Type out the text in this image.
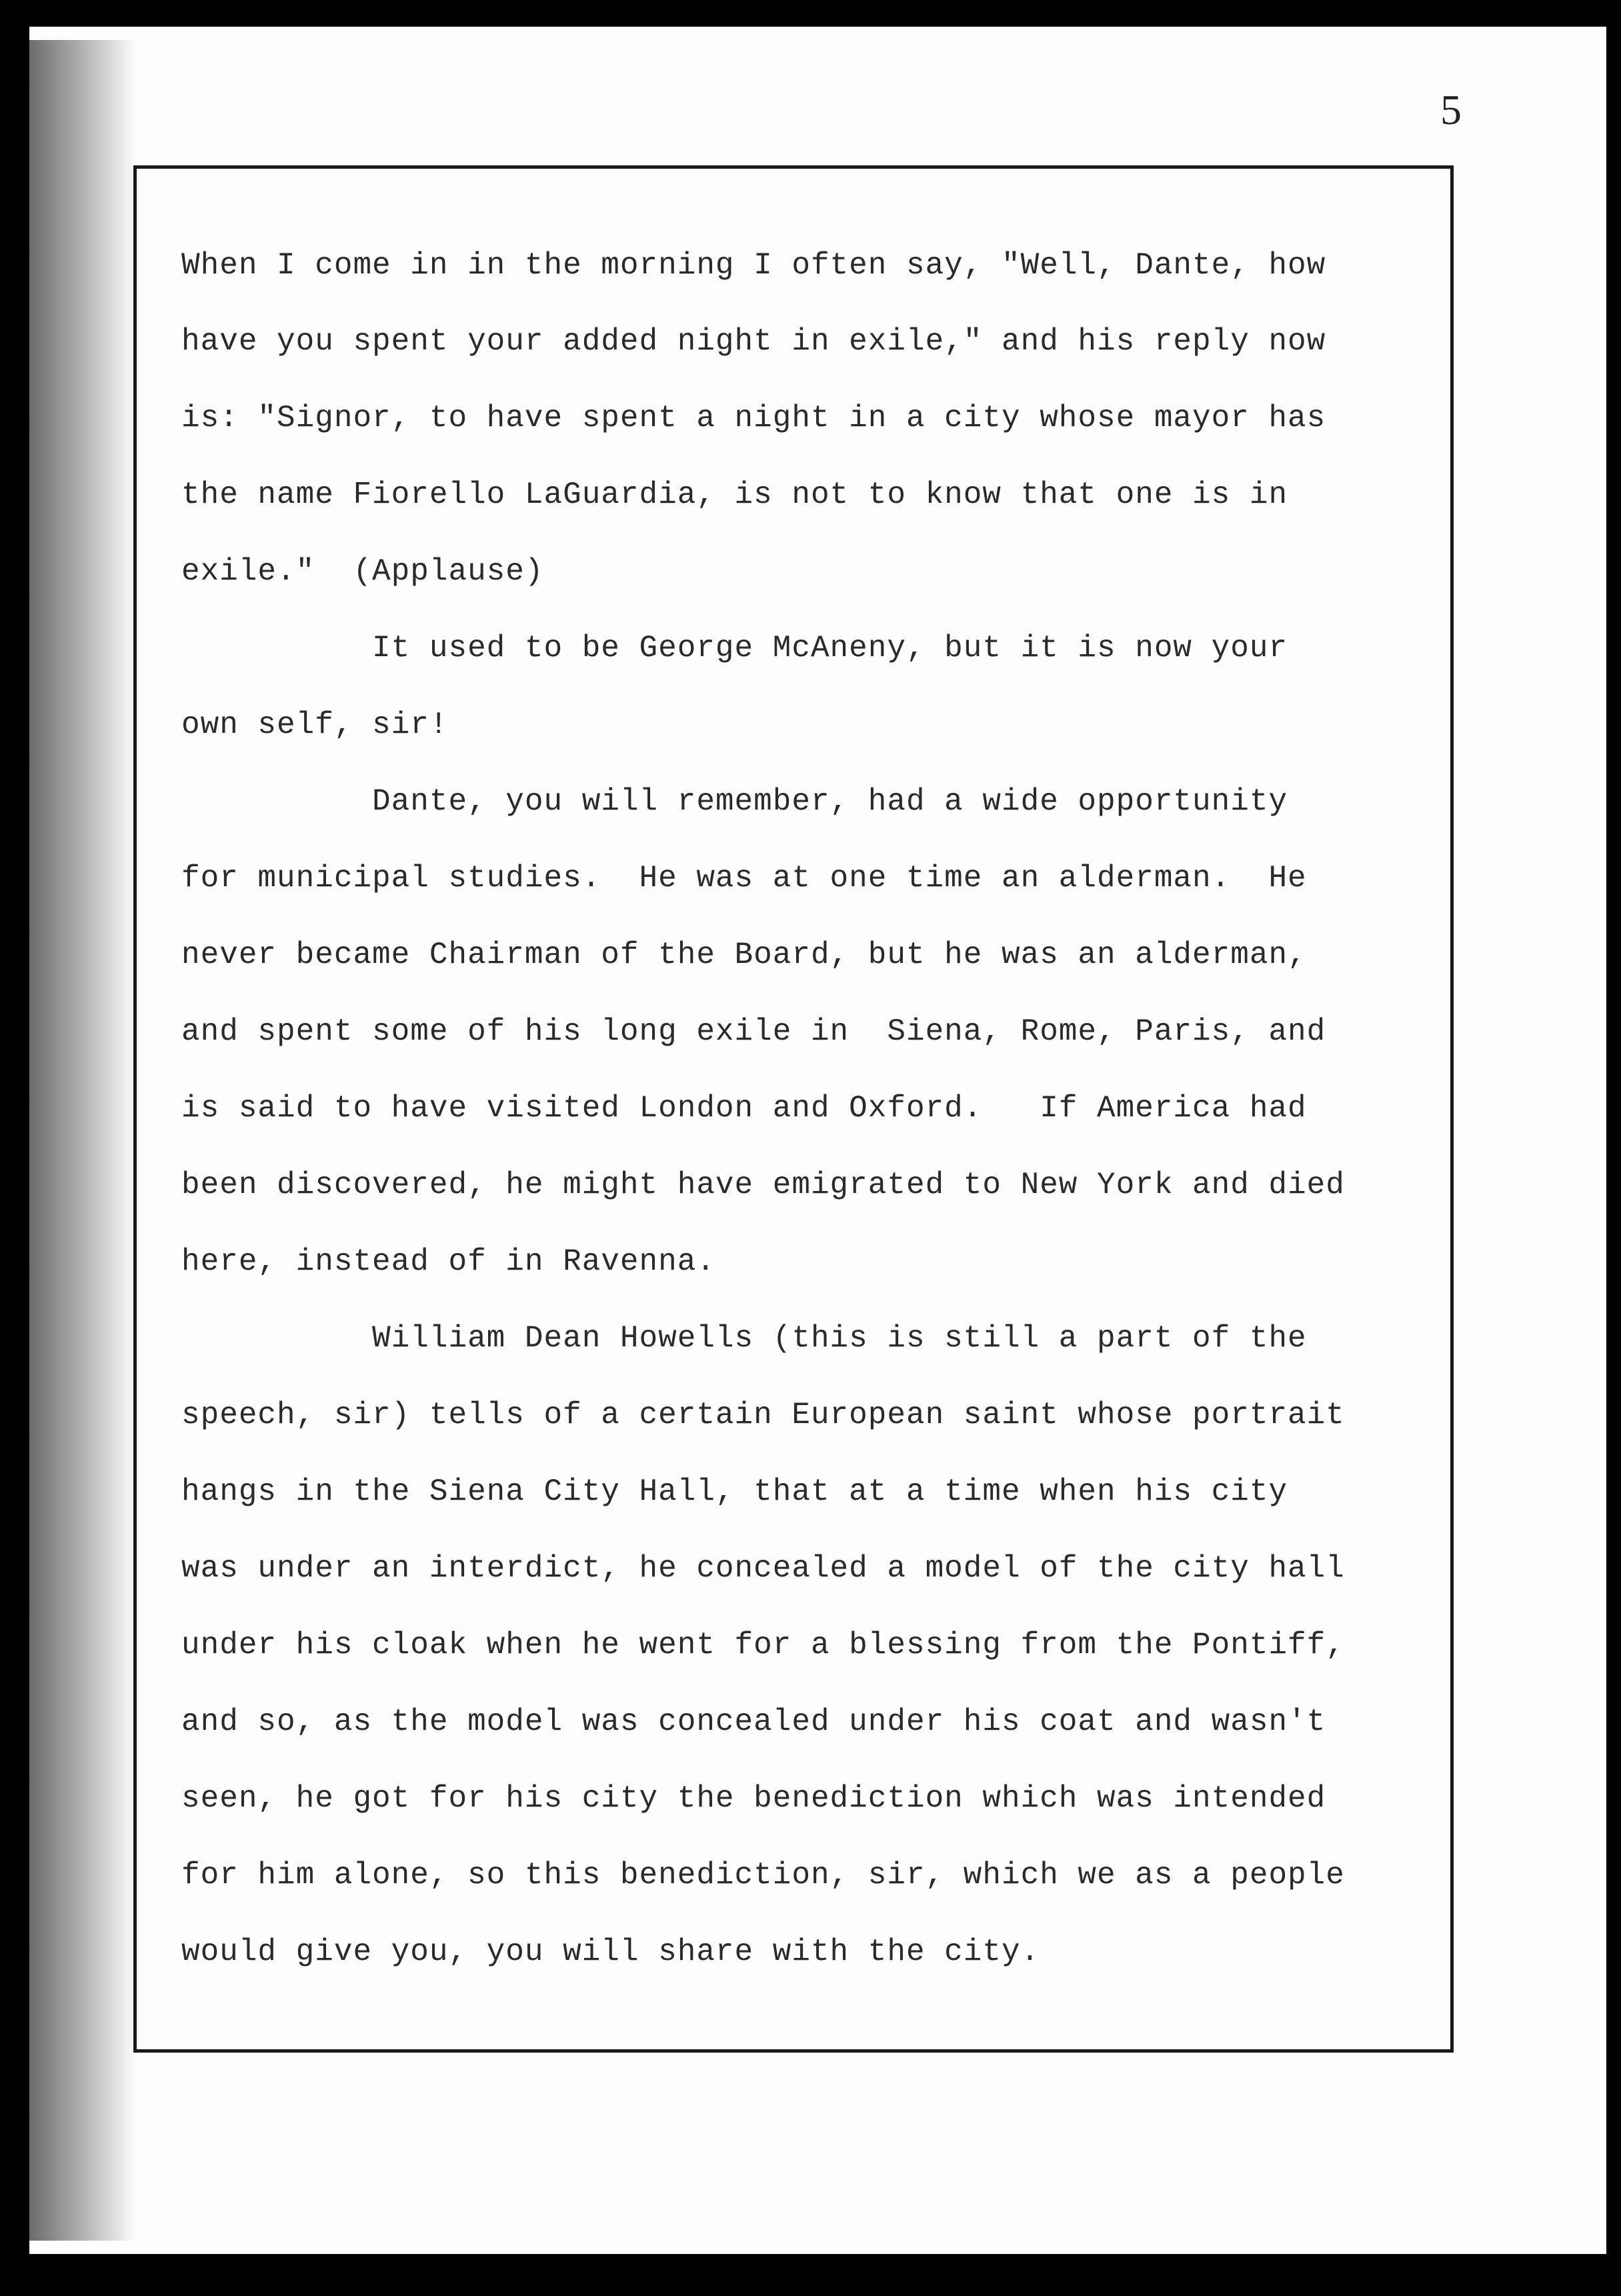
5
When I come in in the morning I often say, "Well, Dante, how
have you spent your added night in exile," and his reply now
is: "Signor, to have spent a night in a city whose mayor has
the name Fiorello LaGuardia, is not to know that one is in
exile."  (Applause)
It used to be George McAneny, but it is now your
own self, sir!
Dante, you will remember, had a wide opportunity
for municipal studies.  He was at one time an alderman.  He
never became Chairman of the Board, but he was an alderman,
and spent some of his long exile in  Siena, Rome, Paris, and
is said to have visited London and Oxford.   If America had
been discovered, he might have emigrated to New York and died
here, instead of in Ravenna.
William Dean Howells (this is still a part of the
speech, sir) tells of a certain European saint whose portrait
hangs in the Siena City Hall, that at a time when his city
was under an interdict, he concealed a model of the city hall
under his cloak when he went for a blessing from the Pontiff,
and so, as the model was concealed under his coat and wasn't
seen, he got for his city the benediction which was intended
for him alone, so this benediction, sir, which we as a people
would give you, you will share with the city.
